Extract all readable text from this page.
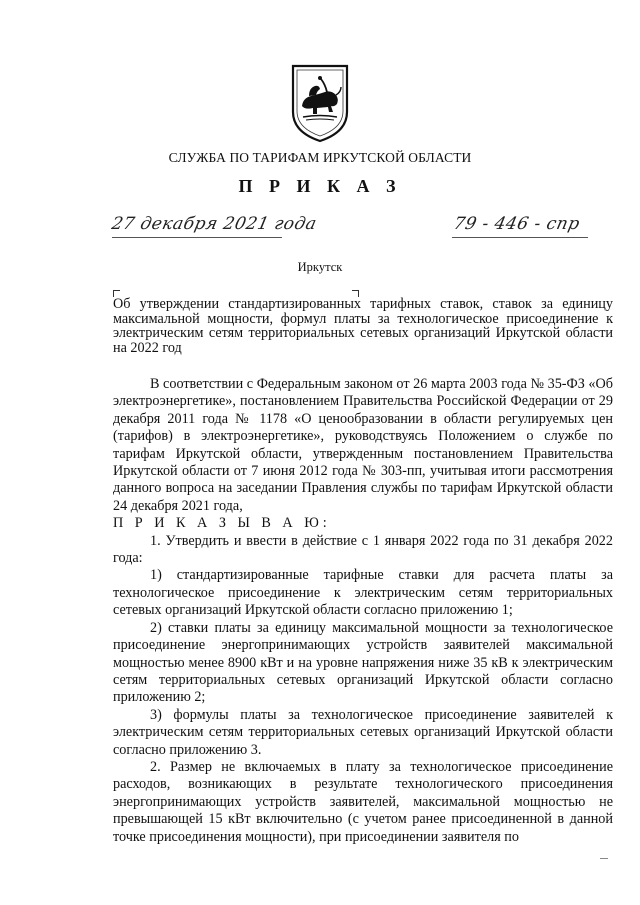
СЛУЖБА ПО ТАРИФАМ ИРКУТСКОЙ ОБЛАСТИ
П Р И К А З
27 декабря 2021 года	79 - 446 - спр
Иркутск
Об утверждении стандартизированных тарифных ставок, ставок за единицу максимальной мощности, формул платы за технологическое присоединение к электрическим сетям территориальных сетевых организаций Иркутской области на 2022 год

В соответствии с Федеральным законом от 26 марта 2003 года № 35-ФЗ «Об электроэнергетике», постановлением Правительства Российской Федерации от 29 декабря 2011 года № 1178 «О ценообразовании в области регулируемых цен (тарифов) в электроэнергетике», руководствуясь Положением о службе по тарифам Иркутской области, утвержденным постановлением Правительства Иркутской области от 7 июня 2012 года № 303-пп, учитывая итоги рассмотрения данного вопроса на заседании Правления службы по тарифам Иркутской области 24 декабря 2021 года,

П Р И К А З Ы В А Ю:

1. Утвердить и ввести в действие с 1 января 2022 года по 31 декабря 2022 года:

1) стандартизированные тарифные ставки для расчета платы за технологическое присоединение к электрическим сетям территориальных сетевых организаций Иркутской области согласно приложению 1;

2) ставки платы за единицу максимальной мощности за технологическое присоединение энергопринимающих устройств заявителей максимальной мощностью менее 8900 кВт и на уровне напряжения ниже 35 кВ к электрическим сетям территориальных сетевых организаций Иркутской области согласно приложению 2;

3) формулы платы за технологическое присоединение заявителей к электрическим сетям территориальных сетевых организаций Иркутской области согласно приложению 3.

2. Размер не включаемых в плату за технологическое присоединение расходов, возникающих в результате технологического присоединения энергопринимающих устройств заявителей, максимальной мощностью не превышающей 15 кВт включительно (с учетом ранее присоединенной в данной точке присоединения мощности), при присоединении заявителя по
